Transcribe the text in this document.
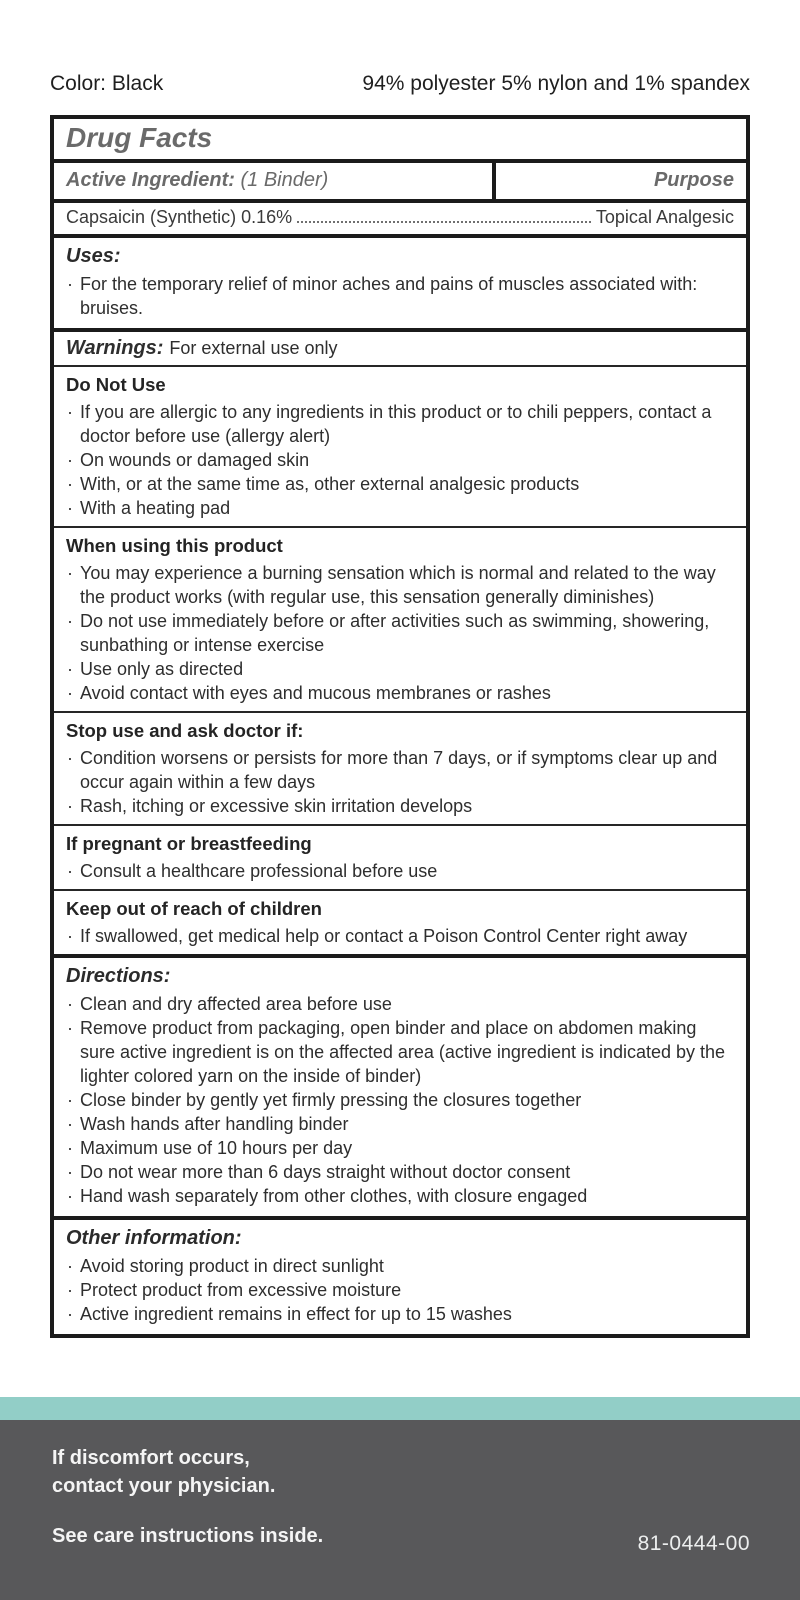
Color: Black	94% polyester 5% nylon and 1% spandex
Drug Facts
Active Ingredient: (1 Binder)	Purpose
Capsaicin (Synthetic) 0.16%	Topical Analgesic
Uses:
· For the temporary relief of minor aches and pains of muscles associated with: bruises.
Warnings: For external use only
Do Not Use
· If you are allergic to any ingredients in this product or to chili peppers, contact a doctor before use (allergy alert)
· On wounds or damaged skin
· With, or at the same time as, other external analgesic products
· With a heating pad
When using this product
· You may experience a burning sensation which is normal and related to the way the product works (with regular use, this sensation generally diminishes)
· Do not use immediately before or after activities such as swimming, showering, sunbathing or intense exercise
· Use only as directed
· Avoid contact with eyes and mucous membranes or rashes
Stop use and ask doctor if:
· Condition worsens or persists for more than 7 days, or if symptoms clear up and occur again within a few days
· Rash, itching or excessive skin irritation develops
If pregnant or breastfeeding
· Consult a healthcare professional before use
Keep out of reach of children
· If swallowed, get medical help or contact a Poison Control Center right away
Directions:
· Clean and dry affected area before use
· Remove product from packaging, open binder and place on abdomen making sure active ingredient is on the affected area (active ingredient is indicated by the lighter colored yarn on the inside of binder)
· Close binder by gently yet firmly pressing the closures together
· Wash hands after handling binder
· Maximum use of 10 hours per day
· Do not wear more than 6 days straight without doctor consent
· Hand wash separately from other clothes, with closure engaged
Other information:
· Avoid storing product in direct sunlight
· Protect product from excessive moisture
· Active ingredient remains in effect for up to 15 washes
If discomfort occurs,
contact your physician.
See care instructions inside.	81-0444-00
